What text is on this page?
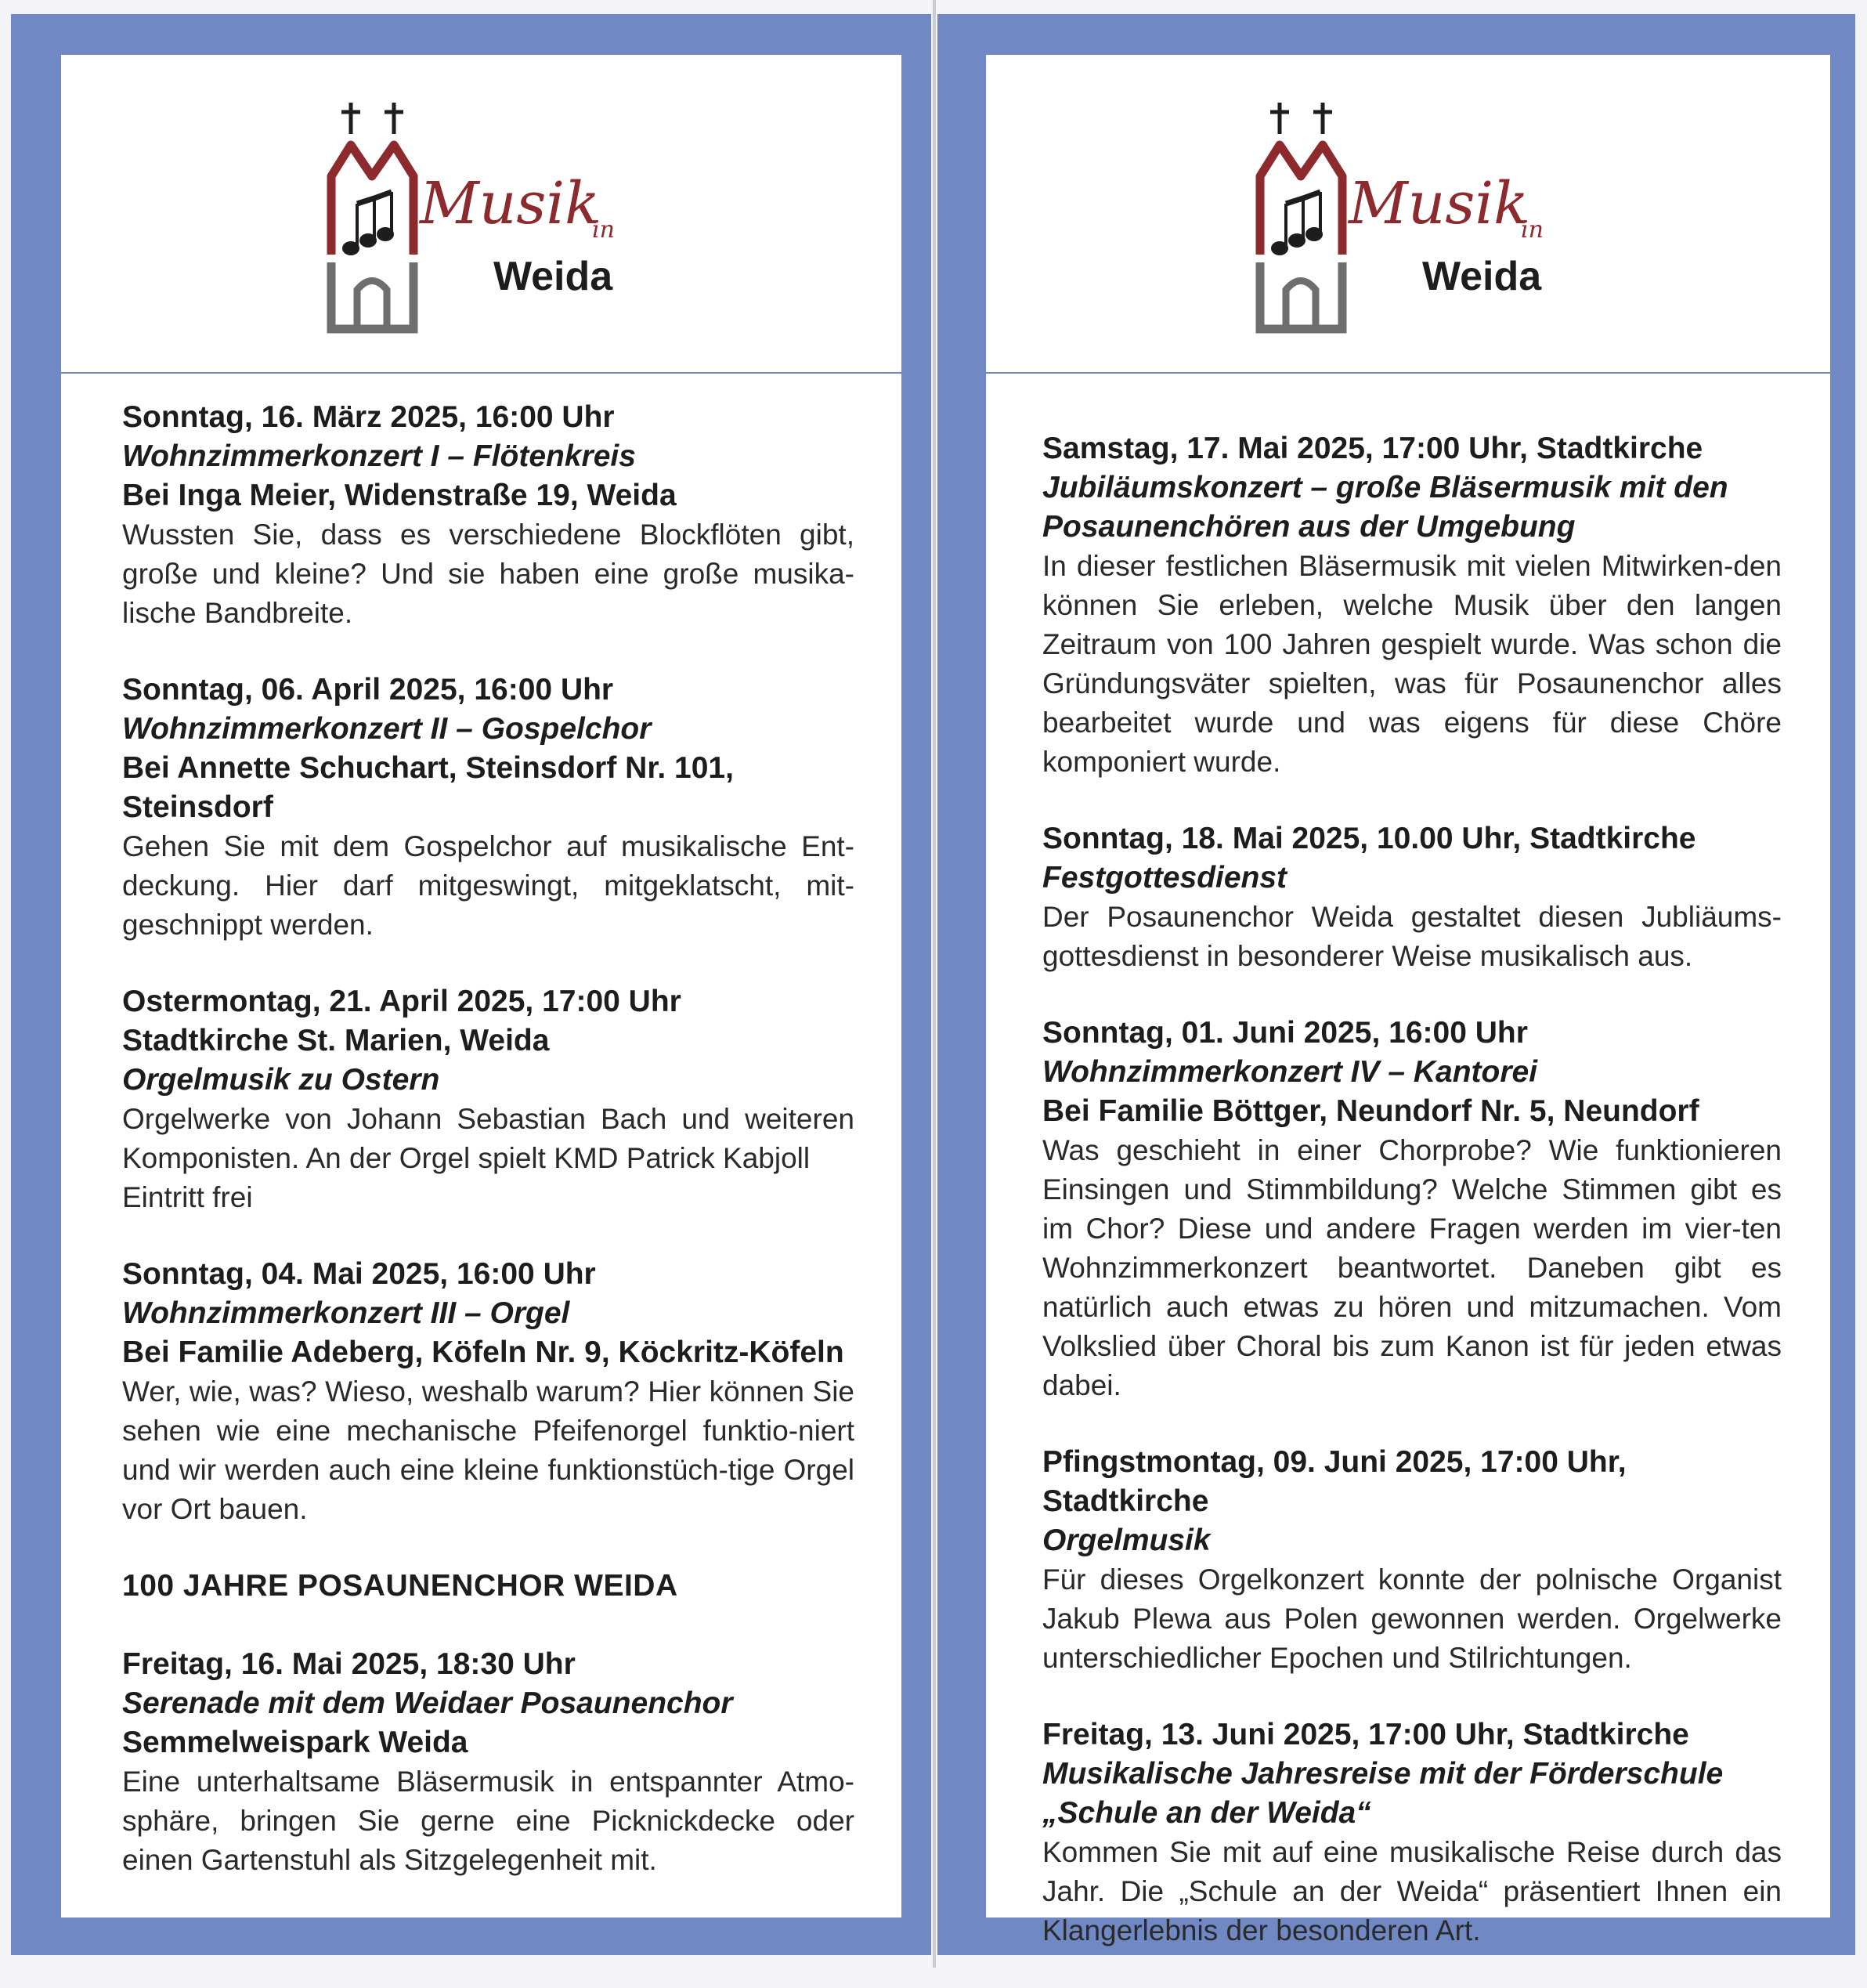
Musik
in
Weida
Sonntag, 16. März 2025, 16:00 Uhr
Wohnzimmerkonzert I – Flötenkreis
Bei Inga Meier, Widenstraße 19, Weida
Wussten Sie, dass es verschiedene Blockflöten gibt, große und kleine? Und sie haben eine große musika-lische Bandbreite.
Sonntag, 06. April 2025, 16:00 Uhr
Wohnzimmerkonzert II – Gospelchor
Bei Annette Schuchart, Steinsdorf Nr. 101, Steinsdorf
Gehen Sie mit dem Gospelchor auf musikalische Ent-deckung. Hier darf mitgeswingt, mitgeklatscht, mit-geschnippt werden.
Ostermontag, 21. April 2025, 17:00 Uhr
Stadtkirche St. Marien, Weida
Orgelmusik zu Ostern
Orgelwerke von Johann Sebastian Bach und weiteren Komponisten. An der Orgel spielt KMD Patrick Kabjoll
Eintritt frei
Sonntag, 04. Mai 2025, 16:00 Uhr
Wohnzimmerkonzert III – Orgel
Bei Familie Adeberg, Köfeln Nr. 9, Köckritz-Köfeln
Wer, wie, was? Wieso, weshalb warum? Hier können Sie sehen wie eine mechanische Pfeifenorgel funktio-niert und wir werden auch eine kleine funktionstüch-tige Orgel vor Ort bauen.
100 JAHRE POSAUNENCHOR WEIDA
Freitag, 16. Mai 2025, 18:30 Uhr
Serenade mit dem Weidaer Posaunenchor
Semmelweispark Weida
Eine unterhaltsame Bläsermusik in entspannter Atmo-sphäre, bringen Sie gerne eine Picknickdecke oder einen Gartenstuhl als Sitzgelegenheit mit.
Musik
in
Weida
Samstag, 17. Mai 2025, 17:00 Uhr, Stadtkirche
Jubiläumskonzert – große Bläsermusik mit den Posaunenchören aus der Umgebung
In dieser festlichen Bläsermusik mit vielen Mitwirken-den können Sie erleben, welche Musik über den langen Zeitraum von 100 Jahren gespielt wurde. Was schon die Gründungsväter spielten, was für Posaunenchor alles bearbeitet wurde und was eigens für diese Chöre komponiert wurde.
Sonntag, 18. Mai 2025, 10.00 Uhr, Stadtkirche
Festgottesdienst
Der Posaunenchor Weida gestaltet diesen Jubliäums-gottesdienst in besonderer Weise musikalisch aus.
Sonntag, 01. Juni 2025, 16:00 Uhr
Wohnzimmerkonzert IV – Kantorei
Bei Familie Böttger, Neundorf Nr. 5, Neundorf
Was geschieht in einer Chorprobe? Wie funktionieren Einsingen und Stimmbildung? Welche Stimmen gibt es im Chor? Diese und andere Fragen werden im vier-ten Wohnzimmerkonzert beantwortet. Daneben gibt es natürlich auch etwas zu hören und mitzumachen. Vom Volkslied über Choral bis zum Kanon ist für jeden etwas dabei.
Pfingstmontag, 09. Juni 2025, 17:00 Uhr, Stadtkirche
Orgelmusik
Für dieses Orgelkonzert konnte der polnische Organist Jakub Plewa aus Polen gewonnen werden. Orgelwerke unterschiedlicher Epochen und Stilrichtungen.
Freitag, 13. Juni 2025, 17:00 Uhr, Stadtkirche
Musikalische Jahresreise mit der Förderschule „Schule an der Weida“
Kommen Sie mit auf eine musikalische Reise durch das Jahr. Die „Schule an der Weida“ präsentiert Ihnen ein Klangerlebnis der besonderen Art.
